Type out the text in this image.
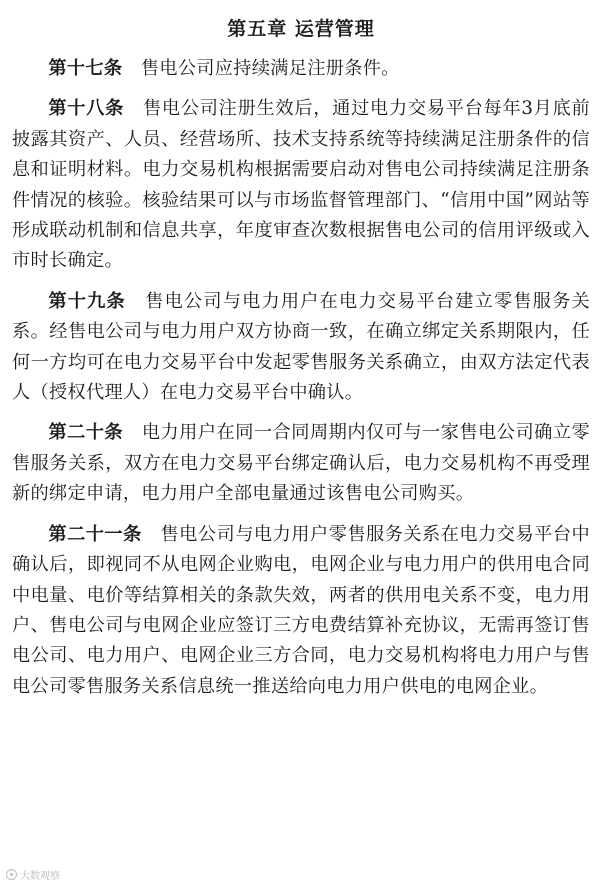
第五章 运营管理

第十七条　 售电公司应持续满足注册条件。

第十八条　 售电公司注册生效后，通过电力交易平台每年3月底前披露其资产、人员、经营场所、技术支持系统等持续满足注册条件的信息和证明材料。电力交易机构根据需要启动对售电公司持续满足注册条件情况的核验。核验结果可以与市场监督管理部门、“信用中国”网站等形成联动机制和信息共享，年度审查次数根据售电公司的信用评级或入市时长确定。

第十九条　 售电公司与电力用户在电力交易平台建立零售服务关系。经售电公司与电力用户双方协商一致，在确立绑定关系期限内，任何一方均可在电力交易平台中发起零售服务关系确立，由双方法定代表人（授权代理人）在电力交易平台中确认。

第二十条　 电力用户在同一合同周期内仅可与一家售电公司确立零售服务关系，双方在电力交易平台绑定确认后，电力交易机构不再受理新的绑定申请，电力用户全部电量通过该售电公司购买。

第二十一条　 售电公司与电力用户零售服务关系在电力交易平台中确认后，即视同不从电网企业购电，电网企业与电力用户的供用电合同中电量、电价等结算相关的条款失效，两者的供用电关系不变，电力用户、售电公司与电网企业应签订三方电费结算补充协议，无需再签订售电公司、电力用户、电网企业三方合同，电力交易机构将电力用户与售电公司零售服务关系信息统一推送给向电力用户供电的电网企业。

大数观察
